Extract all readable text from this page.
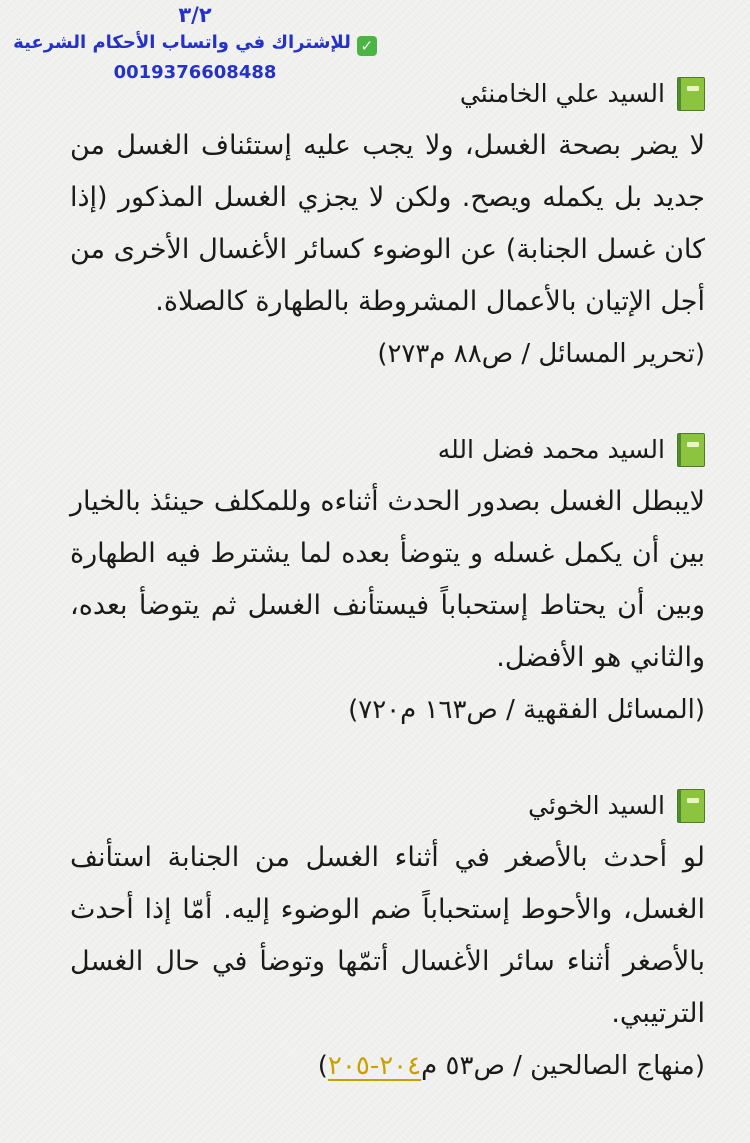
٣/٢
✓للإشتراك في واتساب الأحكام الشرعية
0019376608488
السيد علي الخامنئي
لا يضر بصحة الغسل، ولا يجب عليه إستئناف الغسل من جديد بل يكمله ويصح. ولكن لا يجزي الغسل المذكور (إذا كان غسل الجنابة) عن الوضوء كسائر الأغسال الأخرى من أجل الإتيان بالأعمال المشروطة بالطهارة كالصلاة.
(تحرير المسائل / ص٨٨ م٢٧٣)
السيد محمد فضل الله
لايبطل الغسل بصدور الحدث أثناءه وللمكلف حينئذ بالخيار بين أن يكمل غسله و يتوضأ بعده لما يشترط فيه الطهارة وبين أن يحتاط إستحباباً فيستأنف الغسل ثم يتوضأ بعده، والثاني هو الأفضل.
(المسائل الفقهية / ص١٦٣ م٧٢٠)
السيد الخوئي
لو أحدث بالأصغر في أثناء الغسل من الجنابة استأنف الغسل، والأحوط إستحباباً ضم الوضوء إليه. أمّا إذا أحدث بالأصغر أثناء سائر الأغسال أتمّها وتوضأ في حال الغسل الترتيبي.
(منهاج الصالحين / ص٥٣ م٢٠٤-٢٠٥)
